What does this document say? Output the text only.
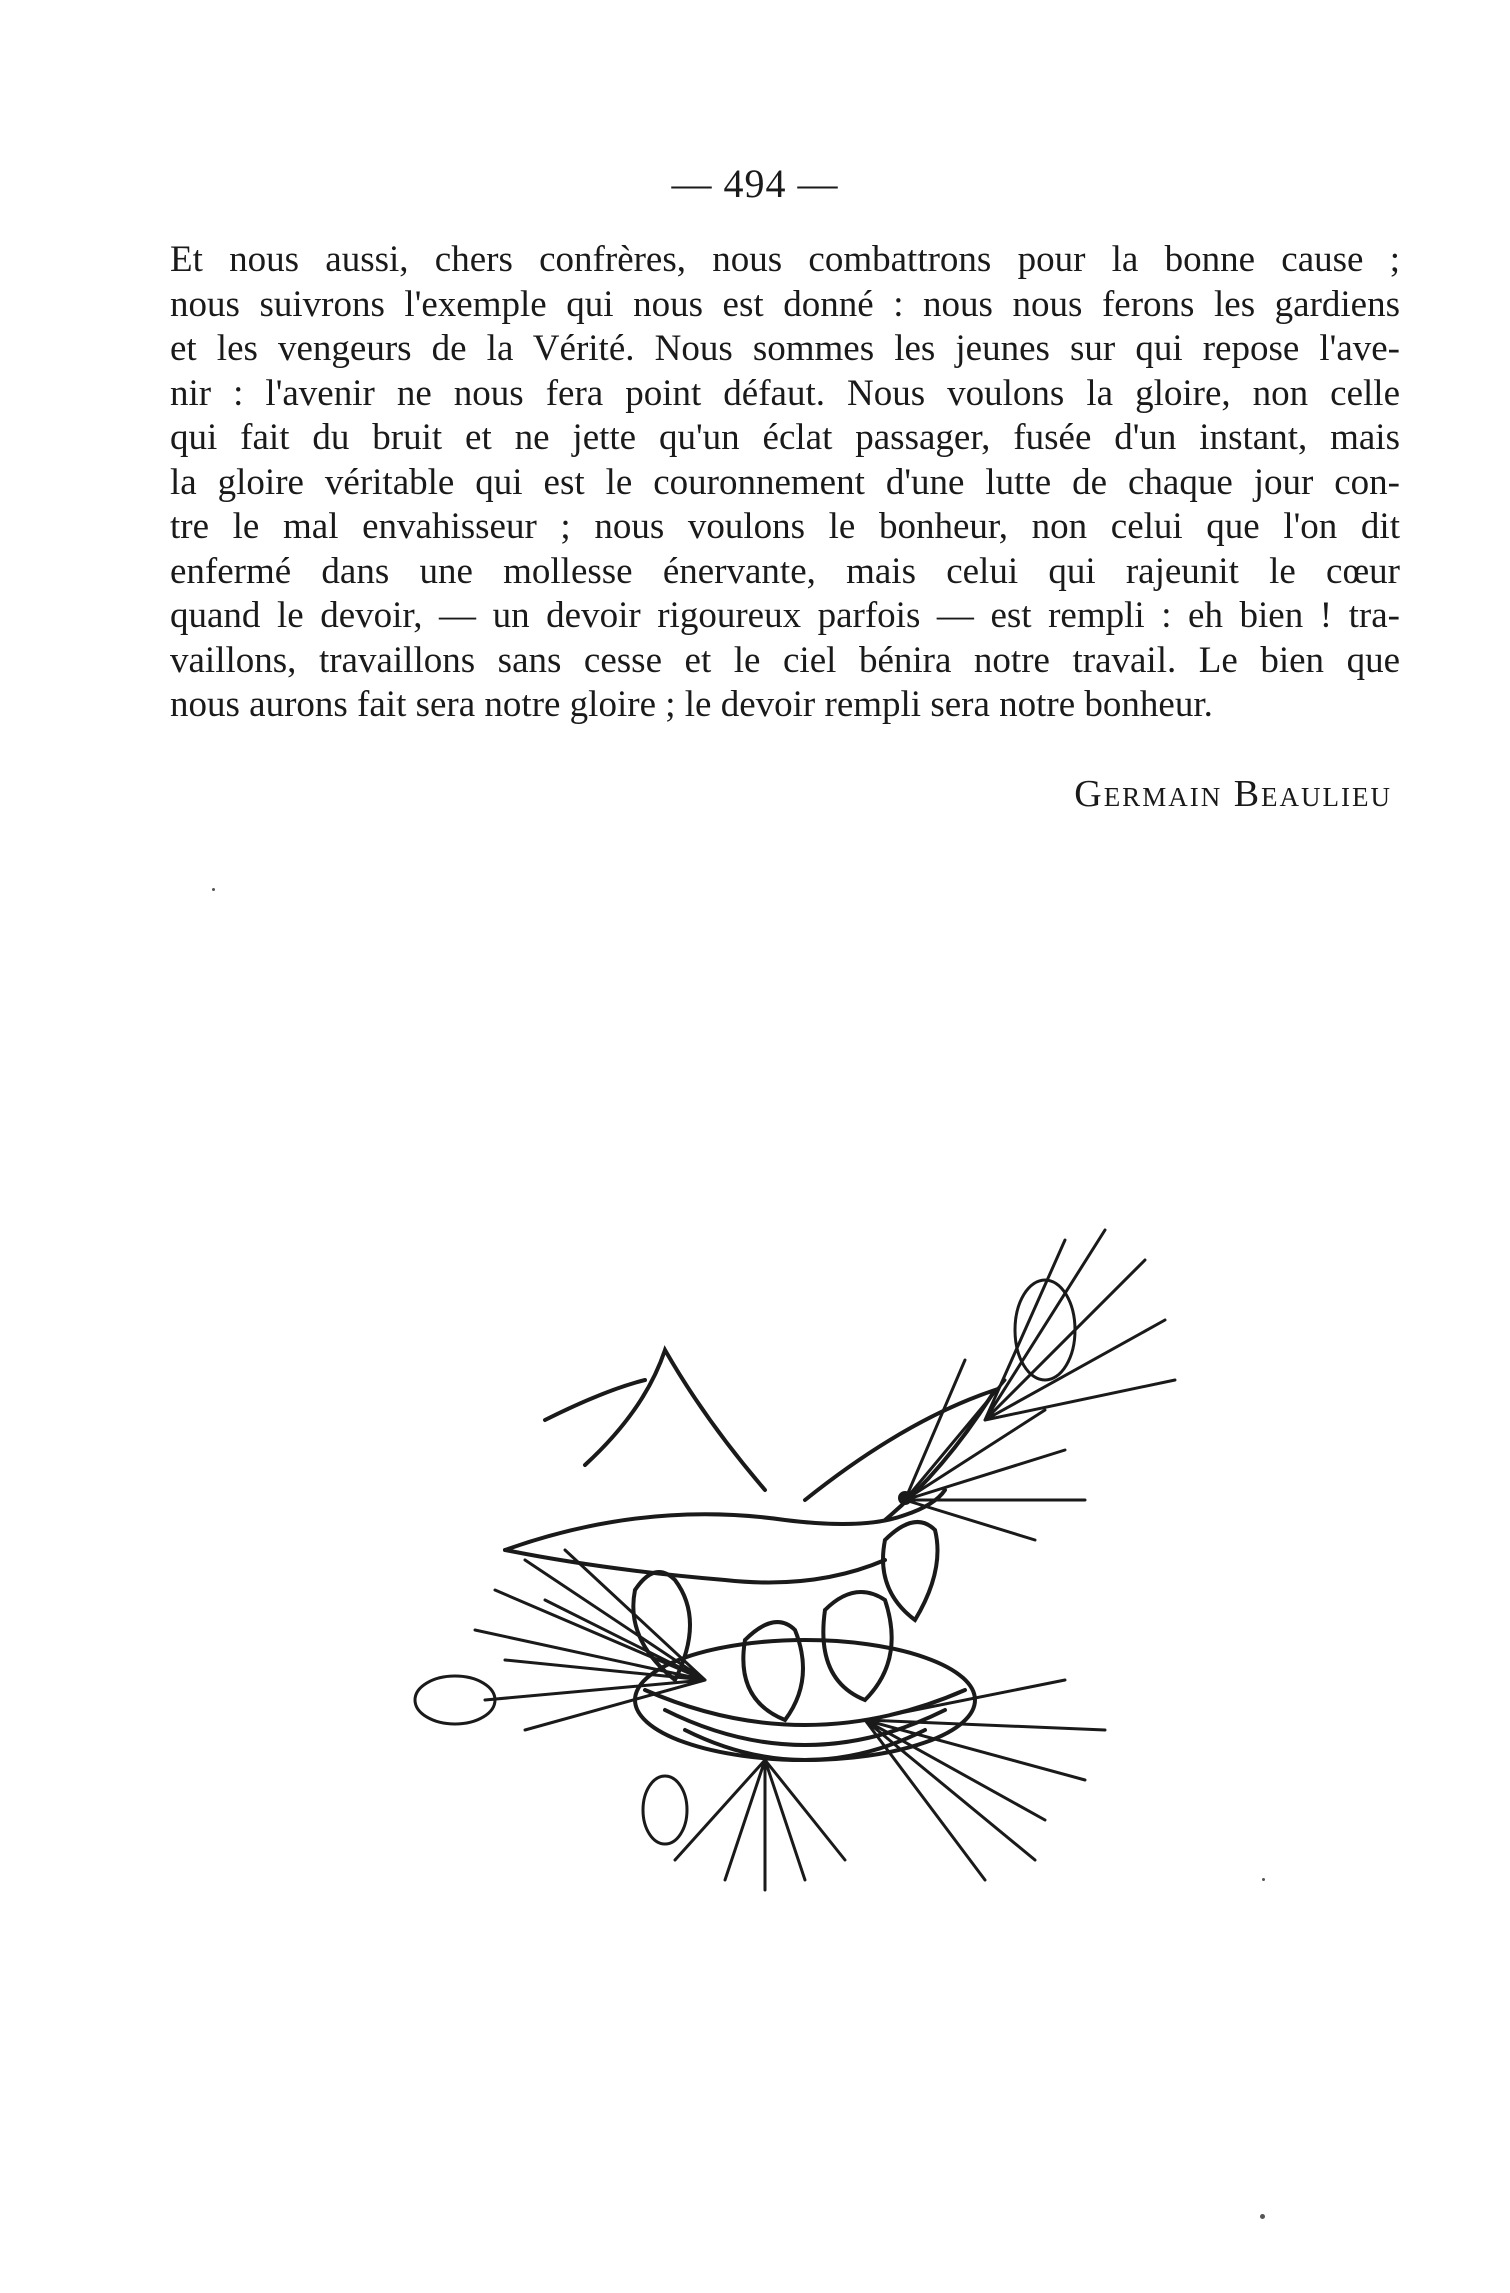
— 494 —
Et nous aussi, chers confrères, nous combattrons pour la bonne cause ;
nous suivrons l'exemple qui nous est donné : nous nous ferons les gardiens
et les vengeurs de la Vérité. Nous sommes les jeunes sur qui repose l'ave-
nir : l'avenir ne nous fera point défaut. Nous voulons la gloire, non celle
qui fait du bruit et ne jette qu'un éclat passager, fusée d'un instant, mais
la gloire véritable qui est le couronnement d'une lutte de chaque jour con-
tre le mal envahisseur ; nous voulons le bonheur, non celui que l'on dit
enfermé dans une mollesse énervante, mais celui qui rajeunit le cœur
quand le devoir, — un devoir rigoureux parfois — est rempli : eh bien ! tra-
vaillons, travaillons sans cesse et le ciel bénira notre travail. Le bien que
nous aurons fait sera notre gloire ; le devoir rempli sera notre bonheur.
Germain Beaulieu
